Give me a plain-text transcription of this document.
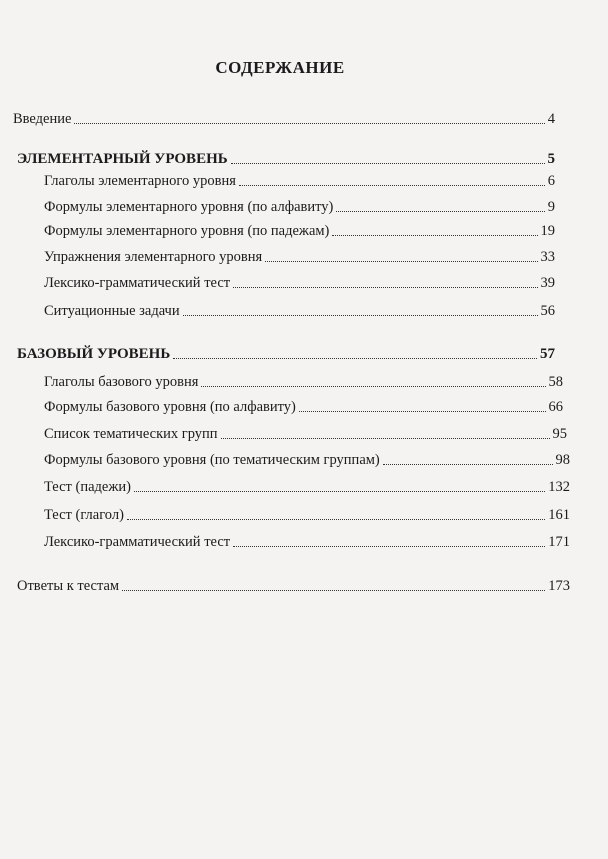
СОДЕРЖАНИЕ
Введение	4
ЭЛЕМЕНТАРНЫЙ УРОВЕНЬ	5
Глаголы элементарного уровня	6
Формулы элементарного уровня (по алфавиту)	9
Формулы элементарного уровня (по падежам)	19
Упражнения элементарного уровня	33
Лексико-грамматический тест	39
Ситуационные задачи	56
БАЗОВЫЙ УРОВЕНЬ	57
Глаголы базового уровня	58
Формулы базового уровня (по алфавиту)	66
Список тематических групп	95
Формулы базового уровня (по тематическим группам)	98
Тест (падежи)	132
Тест (глагол)	161
Лексико-грамматический тест	171
Ответы к тестам	173
